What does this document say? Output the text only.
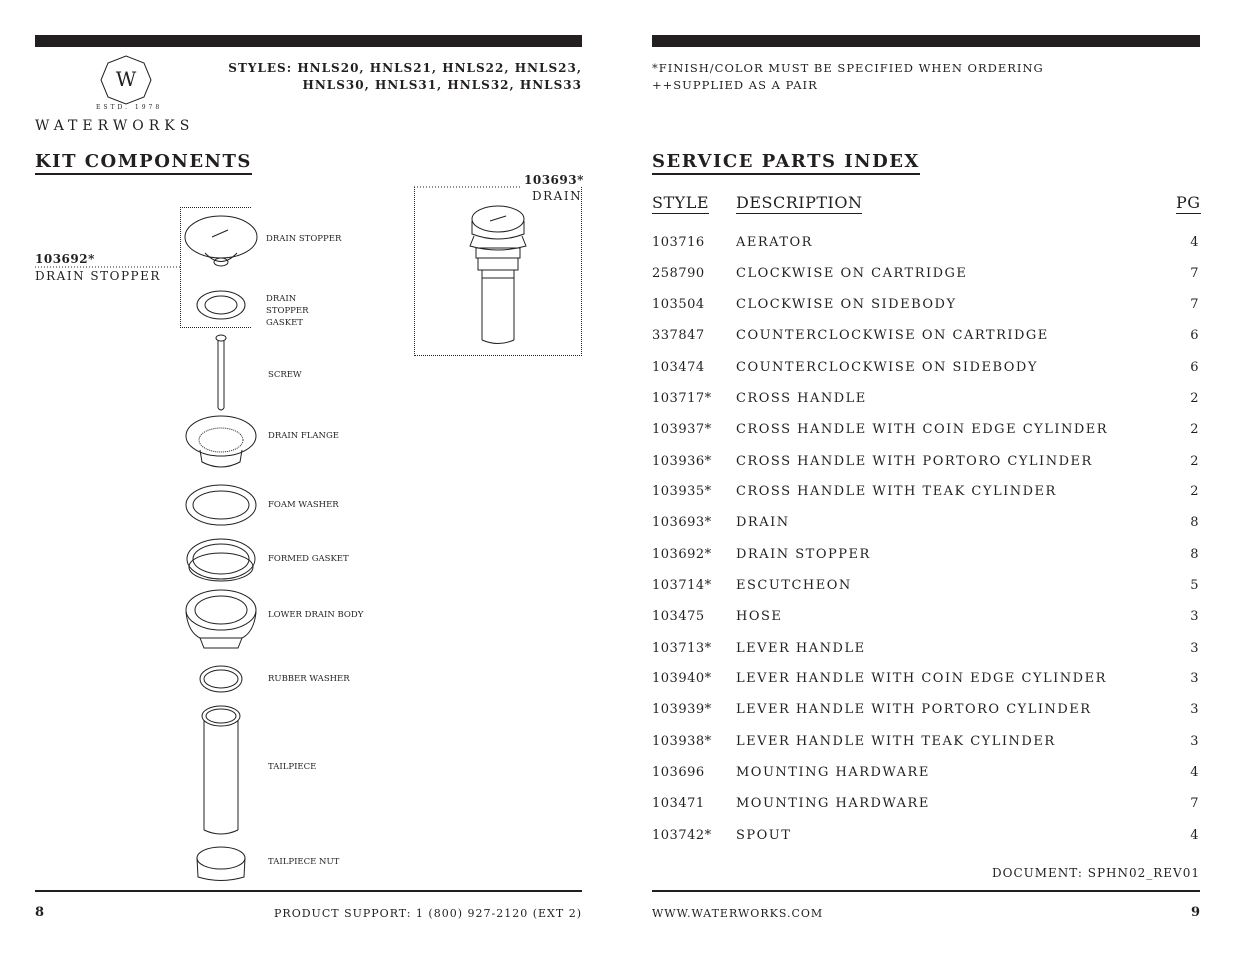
W
ESTD. 1978
WATERWORKS
STYLES: HNLS20, HNLS21, HNLS22, HNLS23,
HNLS30, HNLS31, HNLS32, HNLS33
*FINISH/COLOR MUST BE SPECIFIED WHEN ORDERING
++SUPPLIED AS A PAIR
KIT COMPONENTS	SERVICE PARTS INDEX
103693*
DRAIN
103692*
DRAIN STOPPER
DRAIN STOPPER
DRAIN STOPPER GASKET
SCREW
DRAIN FLANGE
FOAM WASHER
FORMED GASKET
LOWER DRAIN BODY
RUBBER WASHER
TAILPIECE
TAILPIECE NUT
STYLE DESCRIPTION	PG
103716 AERATOR	4
258790 CLOCKWISE ON CARTRIDGE	7
103504 CLOCKWISE ON SIDEBODY	7
337847 COUNTERCLOCKWISE ON CARTRIDGE	6
103474 COUNTERCLOCKWISE ON SIDEBODY	6
103717* CROSS HANDLE	2
103937* CROSS HANDLE WITH COIN EDGE CYLINDER	2
103936* CROSS HANDLE WITH PORTORO CYLINDER	2
103935* CROSS HANDLE WITH TEAK CYLINDER	2
103693* DRAIN	8
103692* DRAIN STOPPER	8
103714* ESCUTCHEON	5
103475 HOSE	3
103713* LEVER HANDLE	3
103940* LEVER HANDLE WITH COIN EDGE CYLINDER	3
103939* LEVER HANDLE WITH PORTORO CYLINDER	3
103938* LEVER HANDLE WITH TEAK CYLINDER	3
103696 MOUNTING HARDWARE	4
103471 MOUNTING HARDWARE	7
103742* SPOUT	4
DOCUMENT: SPHN02_REV01
8	PRODUCT SUPPORT: 1 (800) 927-2120 (EXT 2)	WWW.WATERWORKS.COM	9
